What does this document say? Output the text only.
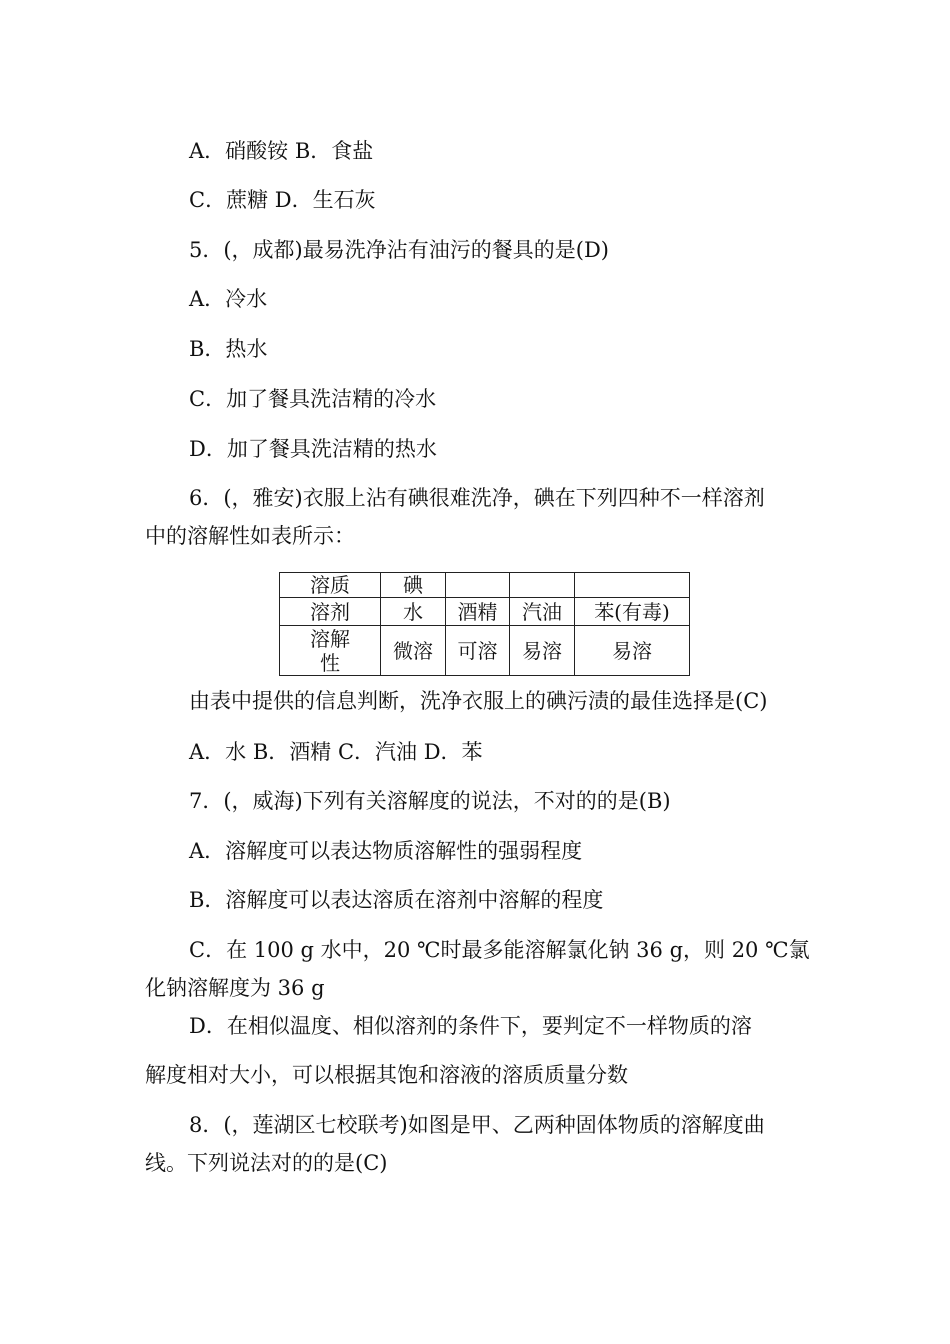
A．硝酸铵 B．食盐
C．蔗糖 D．生石灰
5．(，成都)最易洗净沾有油污的餐具的是(D)
A．冷水
B．热水
C．加了餐具洗洁精的冷水
D．加了餐具洗洁精的热水
6．(，雅安)衣服上沾有碘很难洗净，碘在下列四种不一样溶剂
中的溶解性如表所示：
溶质	碘			
溶剂	水	酒精	汽油	苯(有毒)

溶解
性	微溶	可溶	易溶	易溶
由表中提供的信息判断，洗净衣服上的碘污渍的最佳选择是(C)
A．水 B．酒精 C．汽油 D．苯
7．(，威海)下列有关溶解度的说法，不对的的是(B)
A．溶解度可以表达物质溶解性的强弱程度
B．溶解度可以表达溶质在溶剂中溶解的程度
C．在 100 g 水中，20 ℃时最多能溶解氯化钠 36 g，则 20 ℃氯
化钠溶解度为 36 g
D．在相似温度、相似溶剂的条件下，要判定不一样物质的溶
解度相对大小，可以根据其饱和溶液的溶质质量分数
8．(，莲湖区七校联考)如图是甲、乙两种固体物质的溶解度曲
线。下列说法对的的是(C)
